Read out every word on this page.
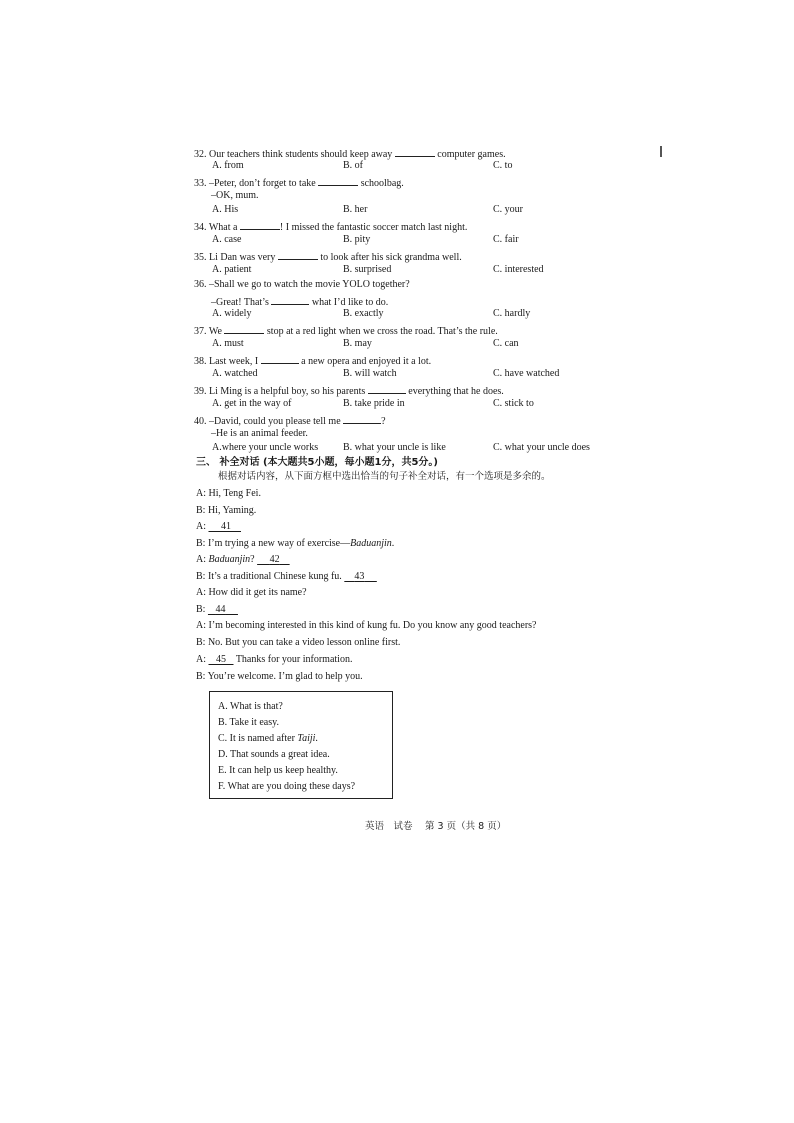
32. Our teachers think students should keep away	computer games.
A. from	B. of	C. to
33. –Peter, don’t forget to take	schoolbag.
–OK, mum.
A. His	B. her	C. your
34. What a	! I missed the fantastic soccer match last night.
A. case	B. pity	C. fair
35. Li Dan was very	to look after his sick grandma well.
A. patient	B. surprised	C. interested
36. –Shall we go to watch the movie YOLO together?
–Great! That’s	what I’d like to do.
A. widely	B. exactly	C. hardly
37. We	stop at a red light when we cross the road. That’s the rule.
A. must	B. may	C. can
38. Last week, I	a new opera and enjoyed it a lot.
A. watched	B. will watch	C. have watched
39. Li Ming is a helpful boy, so his parents	everything that he does.
A. get in the way of	B. take pride in	C. stick to
40. –David, could you please tell me	?
–He is an animal feeder.
A.where your uncle works B. what your uncle is like	C. what your uncle does
三、 补全对话 (本大题共5小题，每小题1分，共5分。)
根据对话内容，从下面方框中选出恰当的句子补全对话，有一个选项是多余的。
A: Hi, Teng Fei.
B: Hi, Yaming.
A:      41
B: I’m trying a new way of exercise—Baduanjin.
A: Baduanjin?      42
B: It’s a traditional Chinese kung fu.     43
A: How did it get its name?
B:    44
A: I’m becoming interested in this kind of kung fu. Do you know any good teachers?
B: No. But you can take a video lesson online first.
A:    45    Thanks for your information.
B: You’re welcome. I’m glad to help you.
A. What is that?
B. Take it easy.
C. It is named after Taiji.
D. That sounds a great idea.
E. It can help us keep healthy.
F. What are you doing these days?
英语　试卷　 第 3 页（共 8 页）
